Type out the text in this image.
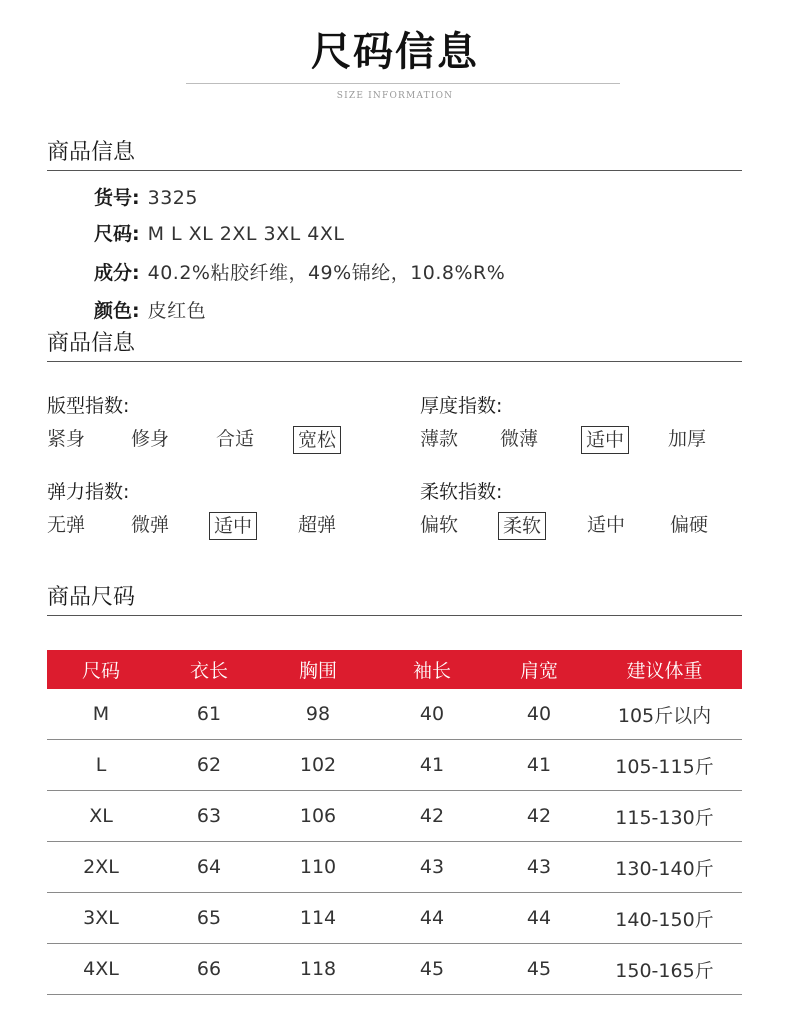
尺码信息
SIZE INFORMATION
商品信息
货号: 3325
尺码: M L XL 2XL 3XL 4XL
成分: 40.2%粘胶纤维，49%锦纶，10.8%R%
颜色: 皮红色
商品信息
版型指数:
紧身 修身 合适 宽松
厚度指数:
薄款 微薄	适中 加厚
弹力指数:
无弹 微弹 适中 超弹
柔软指数:
偏软 柔软 适中 偏硬
商品尺码
尺码	衣长	胸围	袖长	肩宽	建议体重
M	61	98	40	40	105斤以内
L	62	102	41	41	105-115斤
XL	63	106	42	42	115-130斤
2XL	64	110	43	43	130-140斤
3XL	65	114	44	44	140-150斤
4XL	66	118	45	45	150-165斤
